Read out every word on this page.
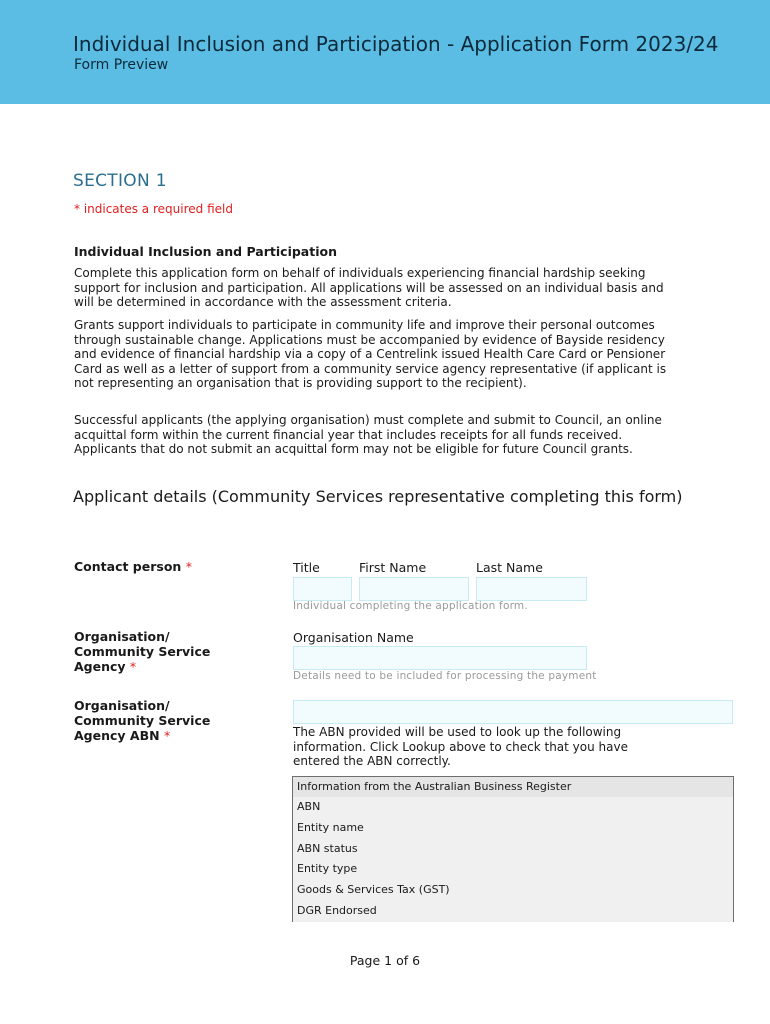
Individual Inclusion and Participation - Application Form 2023/24
Form Preview
SECTION 1
* indicates a required field
Individual Inclusion and Participation
Complete this application form on behalf of individuals experiencing financial hardship seeking support for inclusion and participation. All applications will be assessed on an individual basis and will be determined in accordance with the assessment criteria.
Grants support individuals to participate in community life and improve their personal outcomes through sustainable change. Applications must be accompanied by evidence of Bayside residency and evidence of financial hardship via a copy of a Centrelink issued Health Care Card or Pensioner Card as well as a letter of support from a community service agency representative (if applicant is not representing an organisation that is providing support to the recipient).
Successful applicants (the applying organisation) must complete and submit to Council, an online acquittal form within the current financial year that includes receipts for all funds received. Applicants that do not submit an acquittal form may not be eligible for future Council grants.
Applicant details (Community Services representative completing this form)
Contact person *	Title	First Name	Last Name
Individual completing the application form.
Organisation/ Community Service Agency *
Organisation Name
Details need to be included for processing the payment
Organisation/ Community Service Agency ABN *	The ABN provided will be used to look up the following information. Click Lookup above to check that you have entered the ABN correctly.
Information from the Australian Business Register
ABN
Entity name
ABN status
Entity type
Goods & Services Tax (GST)
DGR Endorsed
Page 1 of 6
